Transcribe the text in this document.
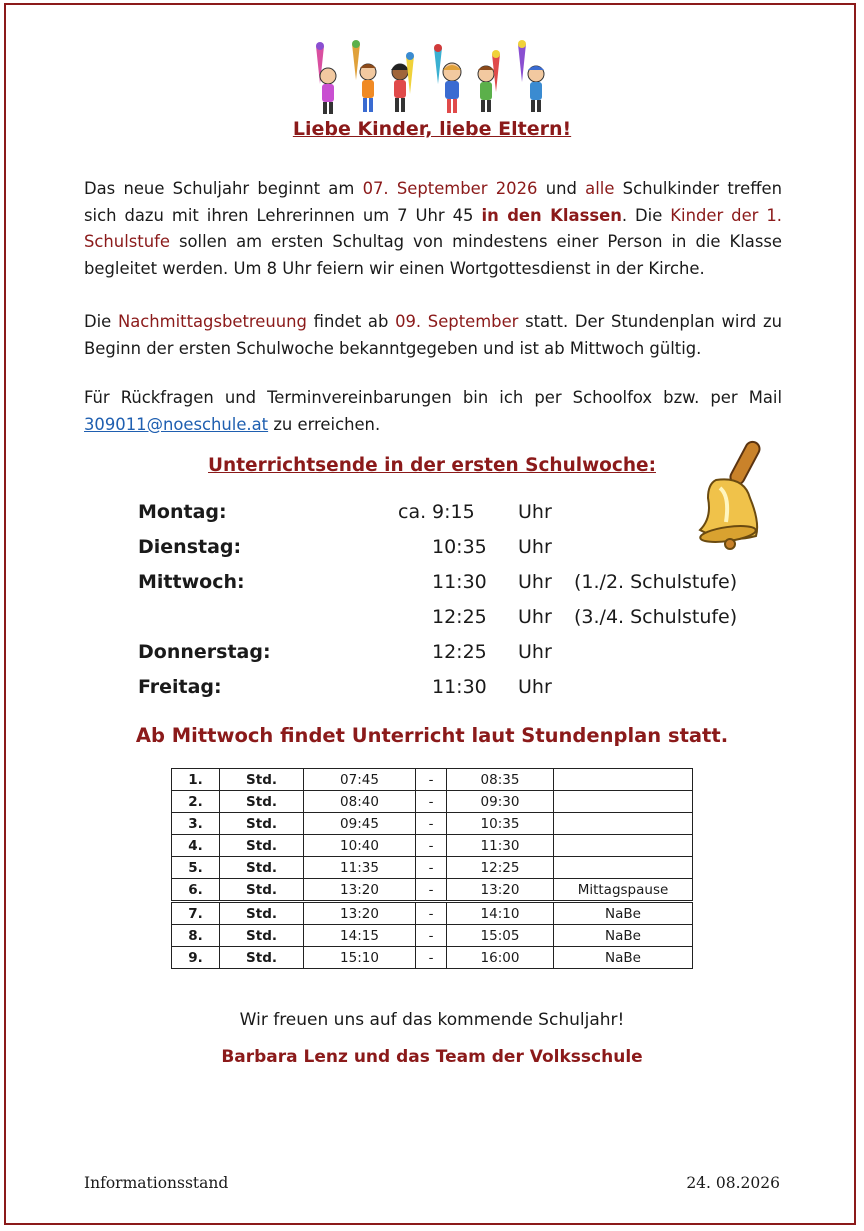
Liebe Kinder, liebe Eltern!
Das neue Schuljahr beginnt am 07. September 2026 und alle Schulkinder treffen sich dazu mit ihren Lehrerinnen um 7 Uhr 45 in den Klassen. Die Kinder der 1. Schulstufe sollen am ersten Schultag von mindestens einer Person in die Klasse begleitet werden. Um 8 Uhr feiern wir einen Wortgottesdienst in der Kirche.
Die Nachmittagsbetreuung findet ab 09. September statt. Der Stundenplan wird zu Beginn der ersten Schulwoche bekanntgegeben und ist ab Mittwoch gültig.
Für Rückfragen und Terminvereinbarungen bin ich per Schoolfox bzw. per Mail 309011@noeschule.at zu erreichen.
Unterrichtsende in der ersten Schulwoche:
Montag:	ca. 9:15 Uhr
Dienstag:	10:35 Uhr
Mittwoch:	11:30 Uhr (1./2. Schulstufe)
12:25 Uhr (3./4. Schulstufe)
Donnerstag:	12:25 Uhr
Freitag:	11:30 Uhr
Ab Mittwoch findet Unterricht laut Stundenplan statt.
1.	Std.	07:45	-	08:35	
2.	Std.	08:40	-	09:30	
3.	Std.	09:45	-	10:35	
4.	Std.	10:40	-	11:30	
5.	Std.	11:35	-	12:25	
6.	Std.	13:20	-	13:20	Mittagspause
7.	Std.	13:20	-	14:10	NaBe
8.	Std.	14:15	-	15:05	NaBe
9.	Std.	15:10	-	16:00	NaBe
Wir freuen uns auf das kommende Schuljahr!
Barbara Lenz und das Team der Volksschule
Informationsstand	24. 08.2026
